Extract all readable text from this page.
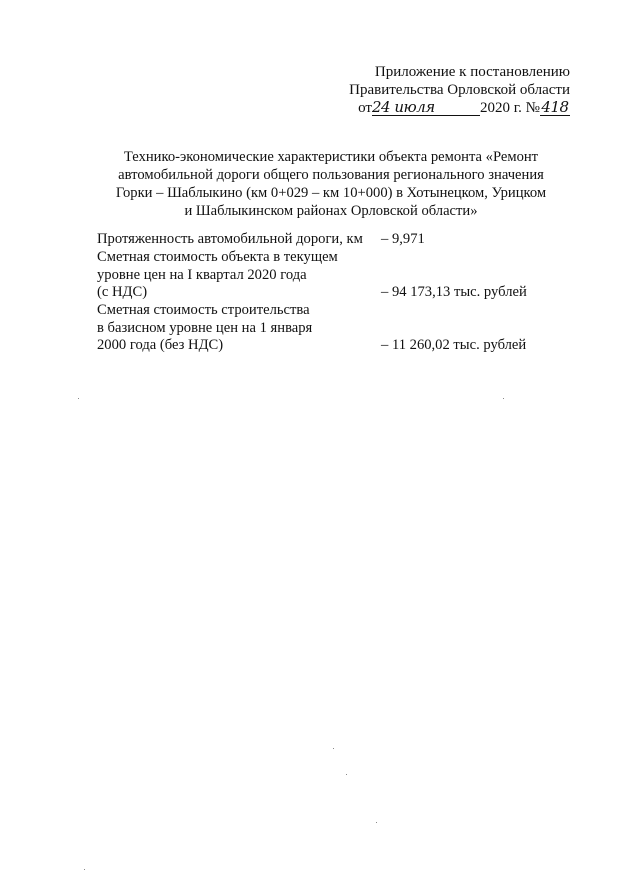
Приложение к постановлению
Правительства Орловской области
от24 июля	2020 г. №418
Технико-экономические характеристики объекта ремонта «Ремонт
автомобильной дороги общего пользования регионального значения
Горки – Шаблыкино (км 0+029 – км 10+000) в Хотынецком, Урицком
и Шаблыкинском районах Орловской области»
Протяженность автомобильной дороги, км – 9,971
Сметная стоимость объекта в текущем
уровне цен на I квартал 2020 года
(с НДС)	– 94 173,13 тыс. рублей
Сметная стоимость строительства
в базисном уровне цен на 1 января
2000 года (без НДС)	– 11 260,02 тыс. рублей
